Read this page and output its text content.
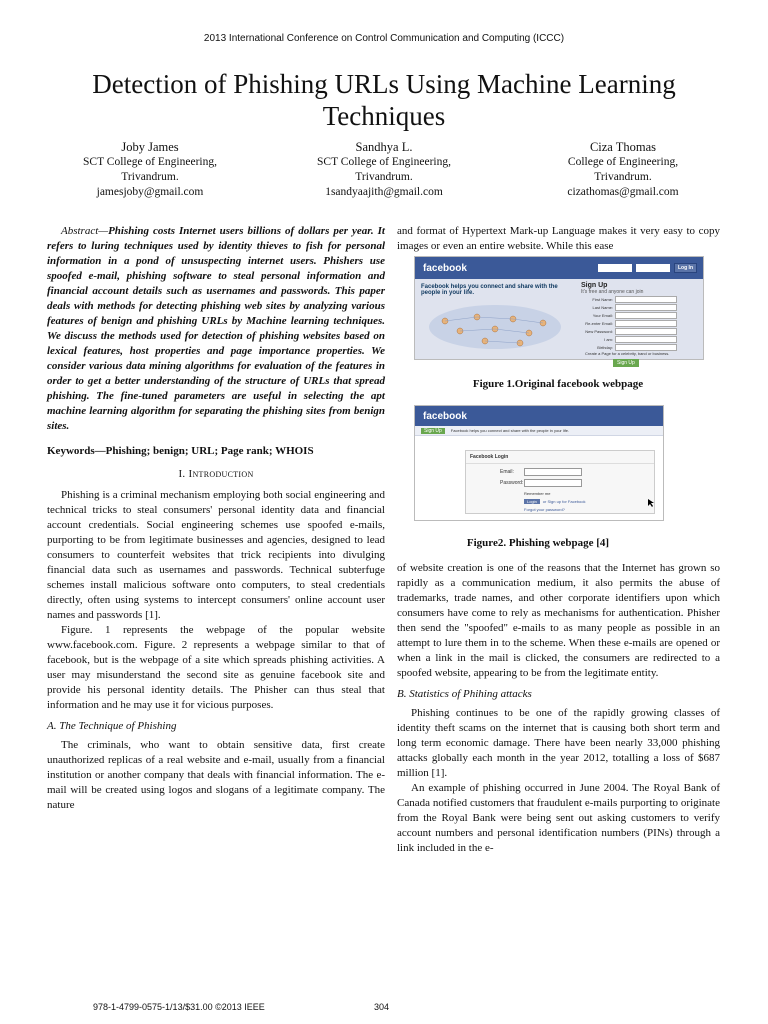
2013 International Conference on Control Communication and Computing (ICCC)
Detection of Phishing URLs Using Machine Learning Techniques
Joby James
SCT College of Engineering,
Trivandrum.
jamesjoby@gmail.com
Sandhya L.
SCT College of Engineering,
Trivandrum.
1sandyaajith@gmail.com
Ciza Thomas
College of Engineering,
Trivandrum.
cizathomas@gmail.com

Abstract—Phishing costs Internet users billions of dollars per year. It refers to luring techniques used by identity thieves to fish for personal information in a pond of unsuspecting internet users. Phishers use spoofed e-mail, phishing software to steal personal information and financial account details such as usernames and passwords. This paper deals with methods for detecting phishing web sites by analyzing various features of benign and phishing URLs by Machine learning techniques. We discuss the methods used for detection of phishing websites based on lexical features, host properties and page importance properties. We consider various data mining algorithms for evaluation of the features in order to get a better understanding of the structure of URLs that spread phishing. The fine-tuned parameters are useful in selecting the apt machine learning algorithm for separating the phishing sites from benign sites.

Keywords—Phishing; benign; URL; Page rank; WHOIS

I. Introduction

Phishing is a criminal mechanism employing both social engineering and technical tricks to steal consumers' personal identity data and financial account credentials. Social engineering schemes use spoofed e-mails, purporting to be from legitimate businesses and agencies, designed to lead consumers to counterfeit websites that trick recipients into divulging financial data such as usernames and passwords. Technical subterfuge schemes install malicious software onto computers, to steal credentials directly, often using systems to intercept consumers' online account user names and passwords [1].

Figure. 1 represents the webpage of the popular website www.facebook.com. Figure. 2 represents a webpage similar to that of facebook, but is the webpage of a site which spreads phishing activities. A user may misunderstand the second site as genuine facebook site and provide his personal identity details. The Phisher can thus steal that information and he may use it for vicious purposes.

A. The Technique of Phishing

The criminals, who want to obtain sensitive data, first create unauthorized replicas of a real website and e-mail, usually from a financial institution or another company that deals with financial information. The e-mail will be created using logos and slogans of a legitimate company. The nature

and format of Hypertext Mark-up Language makes it very easy to copy images or even an entire website. While this ease

facebook	Log In
Facebook helps you connect and share with the people in your life.
Sign Up
It's free and anyone can join
First Name:
Last Name:
Your Email:
Re-enter Email:
New Password:
I am:
Birthday:
Sign Up
Create a Page for a celebrity, band or business.
Figure 1.Original facebook webpage
facebook
Sign Up	Facebook helps you connect and share with the people in your life.
Facebook Login
Email:
Password:
Remember me
Login	or Sign up for Facebook
Forgot your password?
Figure2. Phishing webpage [4]

of website creation is one of the reasons that the Internet has grown so rapidly as a communication medium, it also permits the abuse of trademarks, trade names, and other corporate identifiers upon which consumers have come to rely as mechanisms for authentication. Phisher then send the "spoofed" e-mails to as many people as possible in an attempt to lure them in to the scheme. When these e-mails are opened or when a link in the mail is clicked, the consumers are redirected to a spoofed website, appearing to be from the legitimate entity.

B. Statistics of Phihing attacks

Phishing continues to be one of the rapidly growing classes of identity theft scams on the internet that is causing both short term and long term economic damage. There have been nearly 33,000 phishing attacks globally each month in the year 2012, totalling a loss of $687 million [1].

An example of phishing occurred in June 2004. The Royal Bank of Canada notified customers that fraudulent e-mails purporting to originate from the Royal Bank were being sent out asking customers to verify account numbers and personal identification numbers (PINs) through a link included in the e-

978-1-4799-0575-1/13/$31.00 ©2013 IEEE	304
